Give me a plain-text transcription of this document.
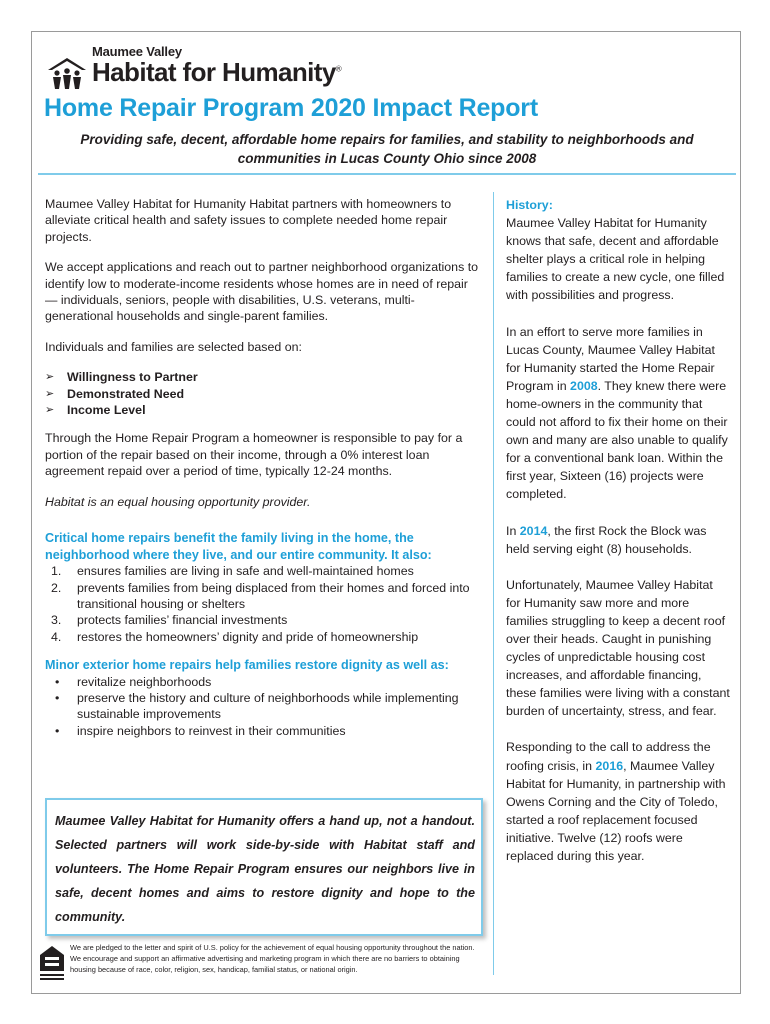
Maumee Valley
Habitat for Humanity®
Home Repair Program 2020 Impact Report
Providing safe, decent, affordable home repairs for families, and stability to neighborhoods and communities in Lucas County Ohio since 2008

Maumee Valley Habitat for Humanity Habitat partners with homeowners to alleviate critical health and safety issues to complete needed home repair projects.

We accept applications and reach out to partner neighborhood organizations to identify low to moderate-income residents whose homes are in need of repair — individuals, seniors, people with disabilities, U.S. veterans, multi-generational households and single-parent families.

Individuals and families are selected based on:

➢ Willingness to Partner
➢ Demonstrated Need
➢ Income Level

Through the Home Repair Program a homeowner is responsible to pay for a portion of the repair based on their income, through a 0% interest loan agreement repaid over a period of time, typically 12-24 months.

Habitat is an equal housing opportunity provider.

Critical home repairs benefit the family living in the home, the neighborhood where they live, and our entire community. It also:
1.	ensures families are living in safe and well-maintained homes
2.	prevents families from being displaced from their homes and forced into transitional housing or shelters
3.	protects families’ financial investments
4.	restores the homeowners’ dignity and pride of homeownership
Minor exterior home repairs help families restore dignity as well as:
• revitalize neighborhoods
• preserve the history and culture of neighborhoods while implementing sustainable improvements
• inspire neighbors to reinvest in their communities
Maumee Valley Habitat for Humanity offers a hand up, not a handout. Selected partners will work side-by-side with Habitat staff and volunteers. The Home Repair Program ensures our neighbors live in safe, decent homes and aims to restore dignity and hope to the community.
We are pledged to the letter and spirit of U.S. policy for the achievement of equal housing opportunity throughout the nation. We encourage and support an affirmative advertising and marketing program in which there are no barriers to obtaining housing because of race, color, religion, sex, handicap, familial status, or national origin.
History:

Maumee Valley Habitat for Humanity knows that safe, decent and affordable shelter plays a critical role in helping families to create a new cycle, one filled with possibilities and progress.

In an effort to serve more families in Lucas County, Maumee Valley Habitat for Humanity started the Home Repair Program in 2008. They knew there were home-owners in the community that could not afford to fix their home on their own and many are also unable to qualify for a conventional bank loan. Within the first year, Sixteen (16) projects were completed.

In 2014, the first Rock the Block was held serving eight (8) households.

Unfortunately, Maumee Valley Habitat for Humanity saw more and more families struggling to keep a decent roof over their heads. Caught in punishing cycles of unpredictable housing cost increases, and affordable financing, these families were living with a constant burden of uncertainty, stress, and fear.

Responding to the call to address the roofing crisis, in 2016, Maumee Valley Habitat for Humanity, in partnership with Owens Corning and the City of Toledo, started a roof replacement focused initiative. Twelve (12) roofs were replaced during this year.
